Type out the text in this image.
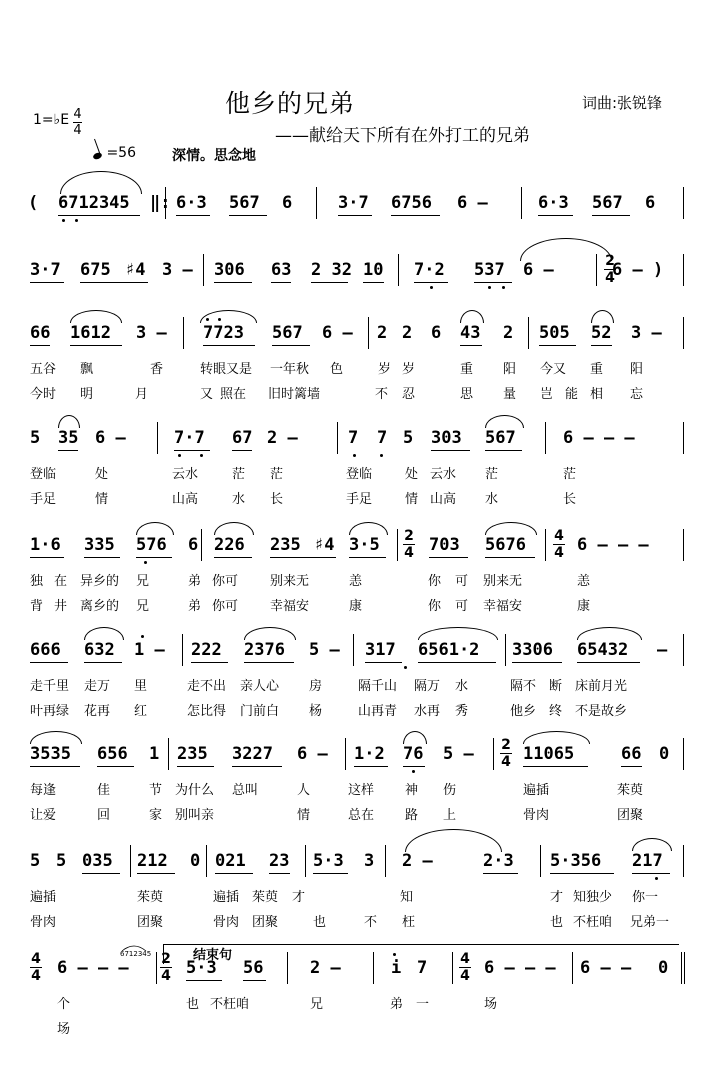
他乡的兄弟	词曲:张锐锋
——献给天下所有在外打工的兄弟
1=♭E 4
4
=56	深情。思念地
( 6712345 ‖: 6·3 567 6	3·7 6756 6 –	6·3 567 6
3·7 675 ♯4 3 – 306 63 2 32 10 7·2 537 6 –	6 – )
66 1612 3 – 7723 567 6 – 2 2 6 43 2 505 52 3 –
五谷 飘	香	转眼又是 一年秋 色	岁 岁	重 阳 今又 重 阳
今时 明	月	又 照在 旧时篱墙	不 忍	思 量 岂 能 相 忘
5 35 6 –	7·7 67 2 –	7 7 5 303 567	6 – – –
登临	处	云水	茫 茫	登临	处 云水 茫	茫
手足	情	山高	水 长	手足	情 山高 水	长
1·6 335 576 6 226 235 ♯4 3·5	703 5676	6 – – –
独 在 异乡的 兄	弟 你可 别来无	恙	你 可 别来无	恙
背 井 离乡的 兄	弟 你可 幸福安	康	你 可 幸福安	康
666 632 1 – 222 2376 5 – 317 6561·2 3306 65432 –
走千里 走万 里	走不出 亲人心 房	隔千山 隔万 水	隔不 断 床前月光
叶再绿 花再 红	怎比得 门前白 杨	山再青 水再 秀	他乡 终 不是故乡
3535 656 1 235 3227 6 – 1·2 76 5 –	11065	66 0
每逢	佳	节 为什么 总叫	人	这样 神 伤	遍插	茱萸
让爱	回	家 别叫亲	情	总在 路 上	骨肉	团聚
5 5 035 212 0 021 23 5·3 3 2 –	2·3 5·356 217
遍插	茱萸	遍插 茱萸 才	知	才 知独少 你一
骨肉	团聚	骨肉 团聚	也	不 枉	也 不枉咱 兄弟一
6 – – –	5·3 56	2 –	i 7	6 – – – 6 – – 0
个	也 不枉咱	兄	弟 一	场
场
2
4
2
4
4
4
2
4
4
4
2
4
4
4
结束句
6712345
